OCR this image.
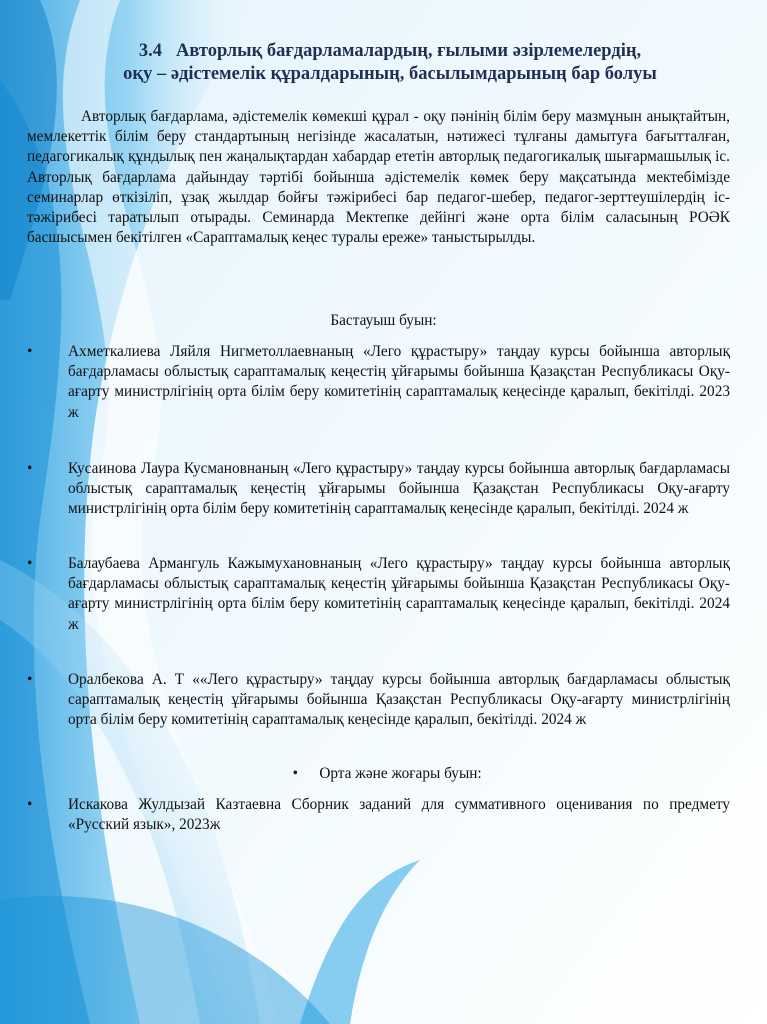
3.4 Авторлық бағдарламалардың, ғылыми әзірлемелердің,
оқу – әдістемелік құралдарының, басылымдарының бар болуы

Авторлық бағдарлама, әдістемелік көмекші құрал - оқу пәнінің білім беру мазмұнын анықтайтын, мемлекеттік білім беру стандартының негізінде жасалатын, нәтижесі тұлғаны дамытуға бағытталған, педагогикалық құндылық пен жаңалықтардан хабардар ететін авторлық педагогикалық шығармашылық іс. Авторлық бағдарлама дайындау тәртібі бойынша әдістемелік көмек беру мақсатында мектебімізде семинарлар өткізіліп, ұзақ жылдар бойғы тәжірибесі бар педагог-шебер, педагог-зерттеушілердің іс-тәжірибесі таратылып отырады. Семинарда Мектепке дейінгі және орта білім саласының РОӘК басшысымен бекітілген «Сараптамалық кеңес туралы ереже» таныстырылды.

Бастауыш буын:
•	Ахметкалиева Ляйля Нигметоллаевнаның «Лего құрастыру» таңдау курсы бойынша авторлық бағдарламасы облыстық сараптамалық кеңестің ұйғарымы бойынша Қазақстан Республикасы Оқу-ағарту министрлігінің орта білім беру комитетінің сараптамалық кеңесінде қаралып, бекітілді. 2023 ж
•	Кусаинова Лаура Кусмановнаның «Лего құрастыру» таңдау курсы бойынша авторлық бағдарламасы облыстық сараптамалық кеңестің ұйғарымы бойынша Қазақстан Республикасы Оқу-ағарту министрлігінің орта білім беру комитетінің сараптамалық кеңесінде қаралып, бекітілді. 2024 ж
•	Балаубаева Армангуль Кажымухановнаның «Лего құрастыру» таңдау курсы бойынша авторлық бағдарламасы облыстық сараптамалық кеңестің ұйғарымы бойынша Қазақстан Республикасы Оқу-ағарту министрлігінің орта білім беру комитетінің сараптамалық кеңесінде қаралып, бекітілді. 2024 ж
•	Оралбекова А. Т ««Лего құрастыру» таңдау курсы бойынша авторлық бағдарламасы облыстық сараптамалық кеңестің ұйғарымы бойынша Қазақстан Республикасы Оқу-ағарту министрлігінің орта білім беру комитетінің сараптамалық кеңесінде қаралып, бекітілді. 2024 ж
• Орта және жоғары буын:
•	Искакова Жулдызай Казтаевна Сборник заданий для суммативного оценивания по предмету «Русский язык», 2023ж
